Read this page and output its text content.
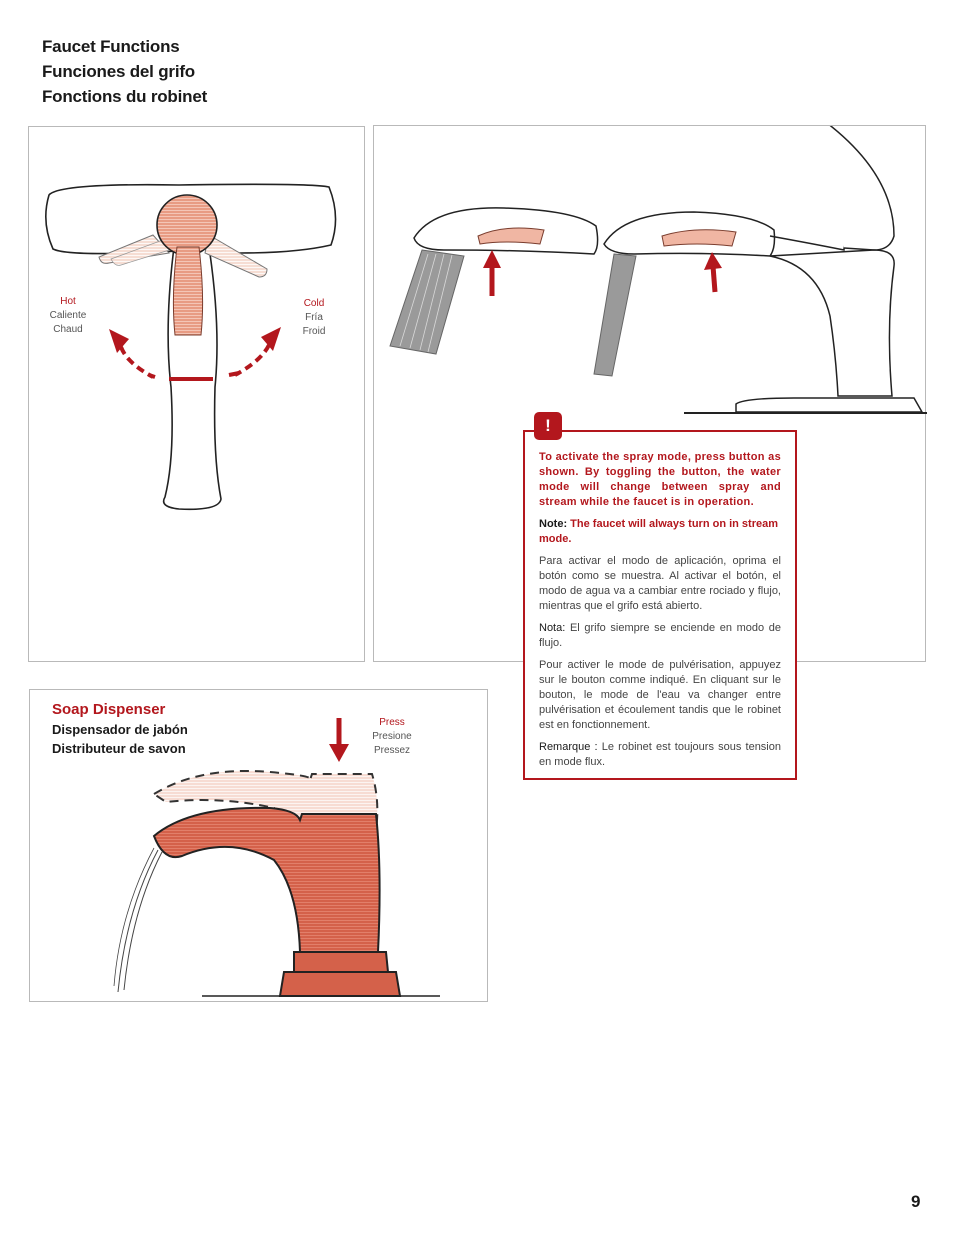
Faucet Functions
Funciones del grifo
Fonctions du robinet
Hot
Caliente
Chaud
Cold
Fría
Froid

To activate the spray mode, press button as shown. By toggling the button, the water mode will change between spray and stream while the faucet is in operation.

Note: The faucet will always turn on in stream mode.

Para activar el modo de aplicación, oprima el botón como se muestra. Al activar el botón, el modo de agua va a cambiar entre rociado y flujo, mientras que el grifo está abierto.

Nota: El grifo siempre se enciende en modo de flujo.

Pour activer le mode de pulvérisation, appuyez sur le bouton comme indiqué. En cliquant sur le bouton, le mode de l'eau va changer entre pulvérisation et écoulement tandis que le robinet est en fonctionnement.

Remarque : Le robinet est toujours sous tension en mode flux.

!
Soap Dispenser
Dispensador de jabón
Distributeur de savon
Press
Presione
Pressez
9
